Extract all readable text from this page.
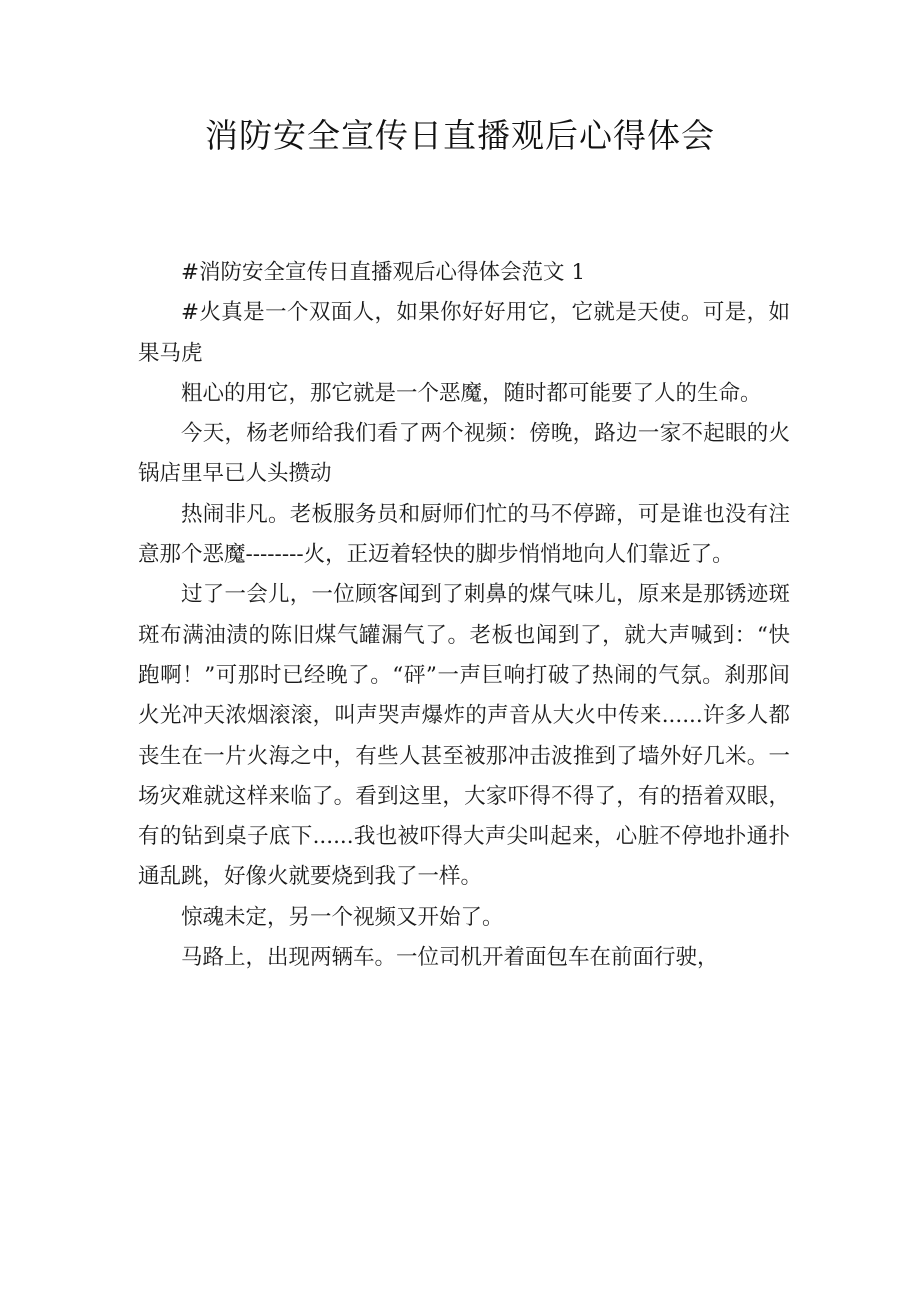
消防安全宣传日直播观后心得体会

#消防安全宣传日直播观后心得体会范文 1

#火真是一个双面人，如果你好好用它，它就是天使。可是，如果马虎

粗心的用它，那它就是一个恶魔，随时都可能要了人的生命。

今天，杨老师给我们看了两个视频：傍晚，路边一家不起眼的火锅店里早已人头攒动

热闹非凡。老板服务员和厨师们忙的马不停蹄，可是谁也没有注意那个恶魔--------火，正迈着轻快的脚步悄悄地向人们靠近了。

过了一会儿，一位顾客闻到了刺鼻的煤气味儿，原来是那锈迹斑斑布满油渍的陈旧煤气罐漏气了。老板也闻到了，就大声喊到：“快跑啊！”可那时已经晚了。“砰”一声巨响打破了热闹的气氛。刹那间火光冲天浓烟滚滚，叫声哭声爆炸的声音从大火中传来......许多人都丧生在一片火海之中，有些人甚至被那冲击波推到了墙外好几米。一场灾难就这样来临了。看到这里，大家吓得不得了，有的捂着双眼，有的钻到桌子底下......我也被吓得大声尖叫起来，心脏不停地扑通扑通乱跳，好像火就要烧到我了一样。

惊魂未定，另一个视频又开始了。

马路上，出现两辆车。一位司机开着面包车在前面行驶，
